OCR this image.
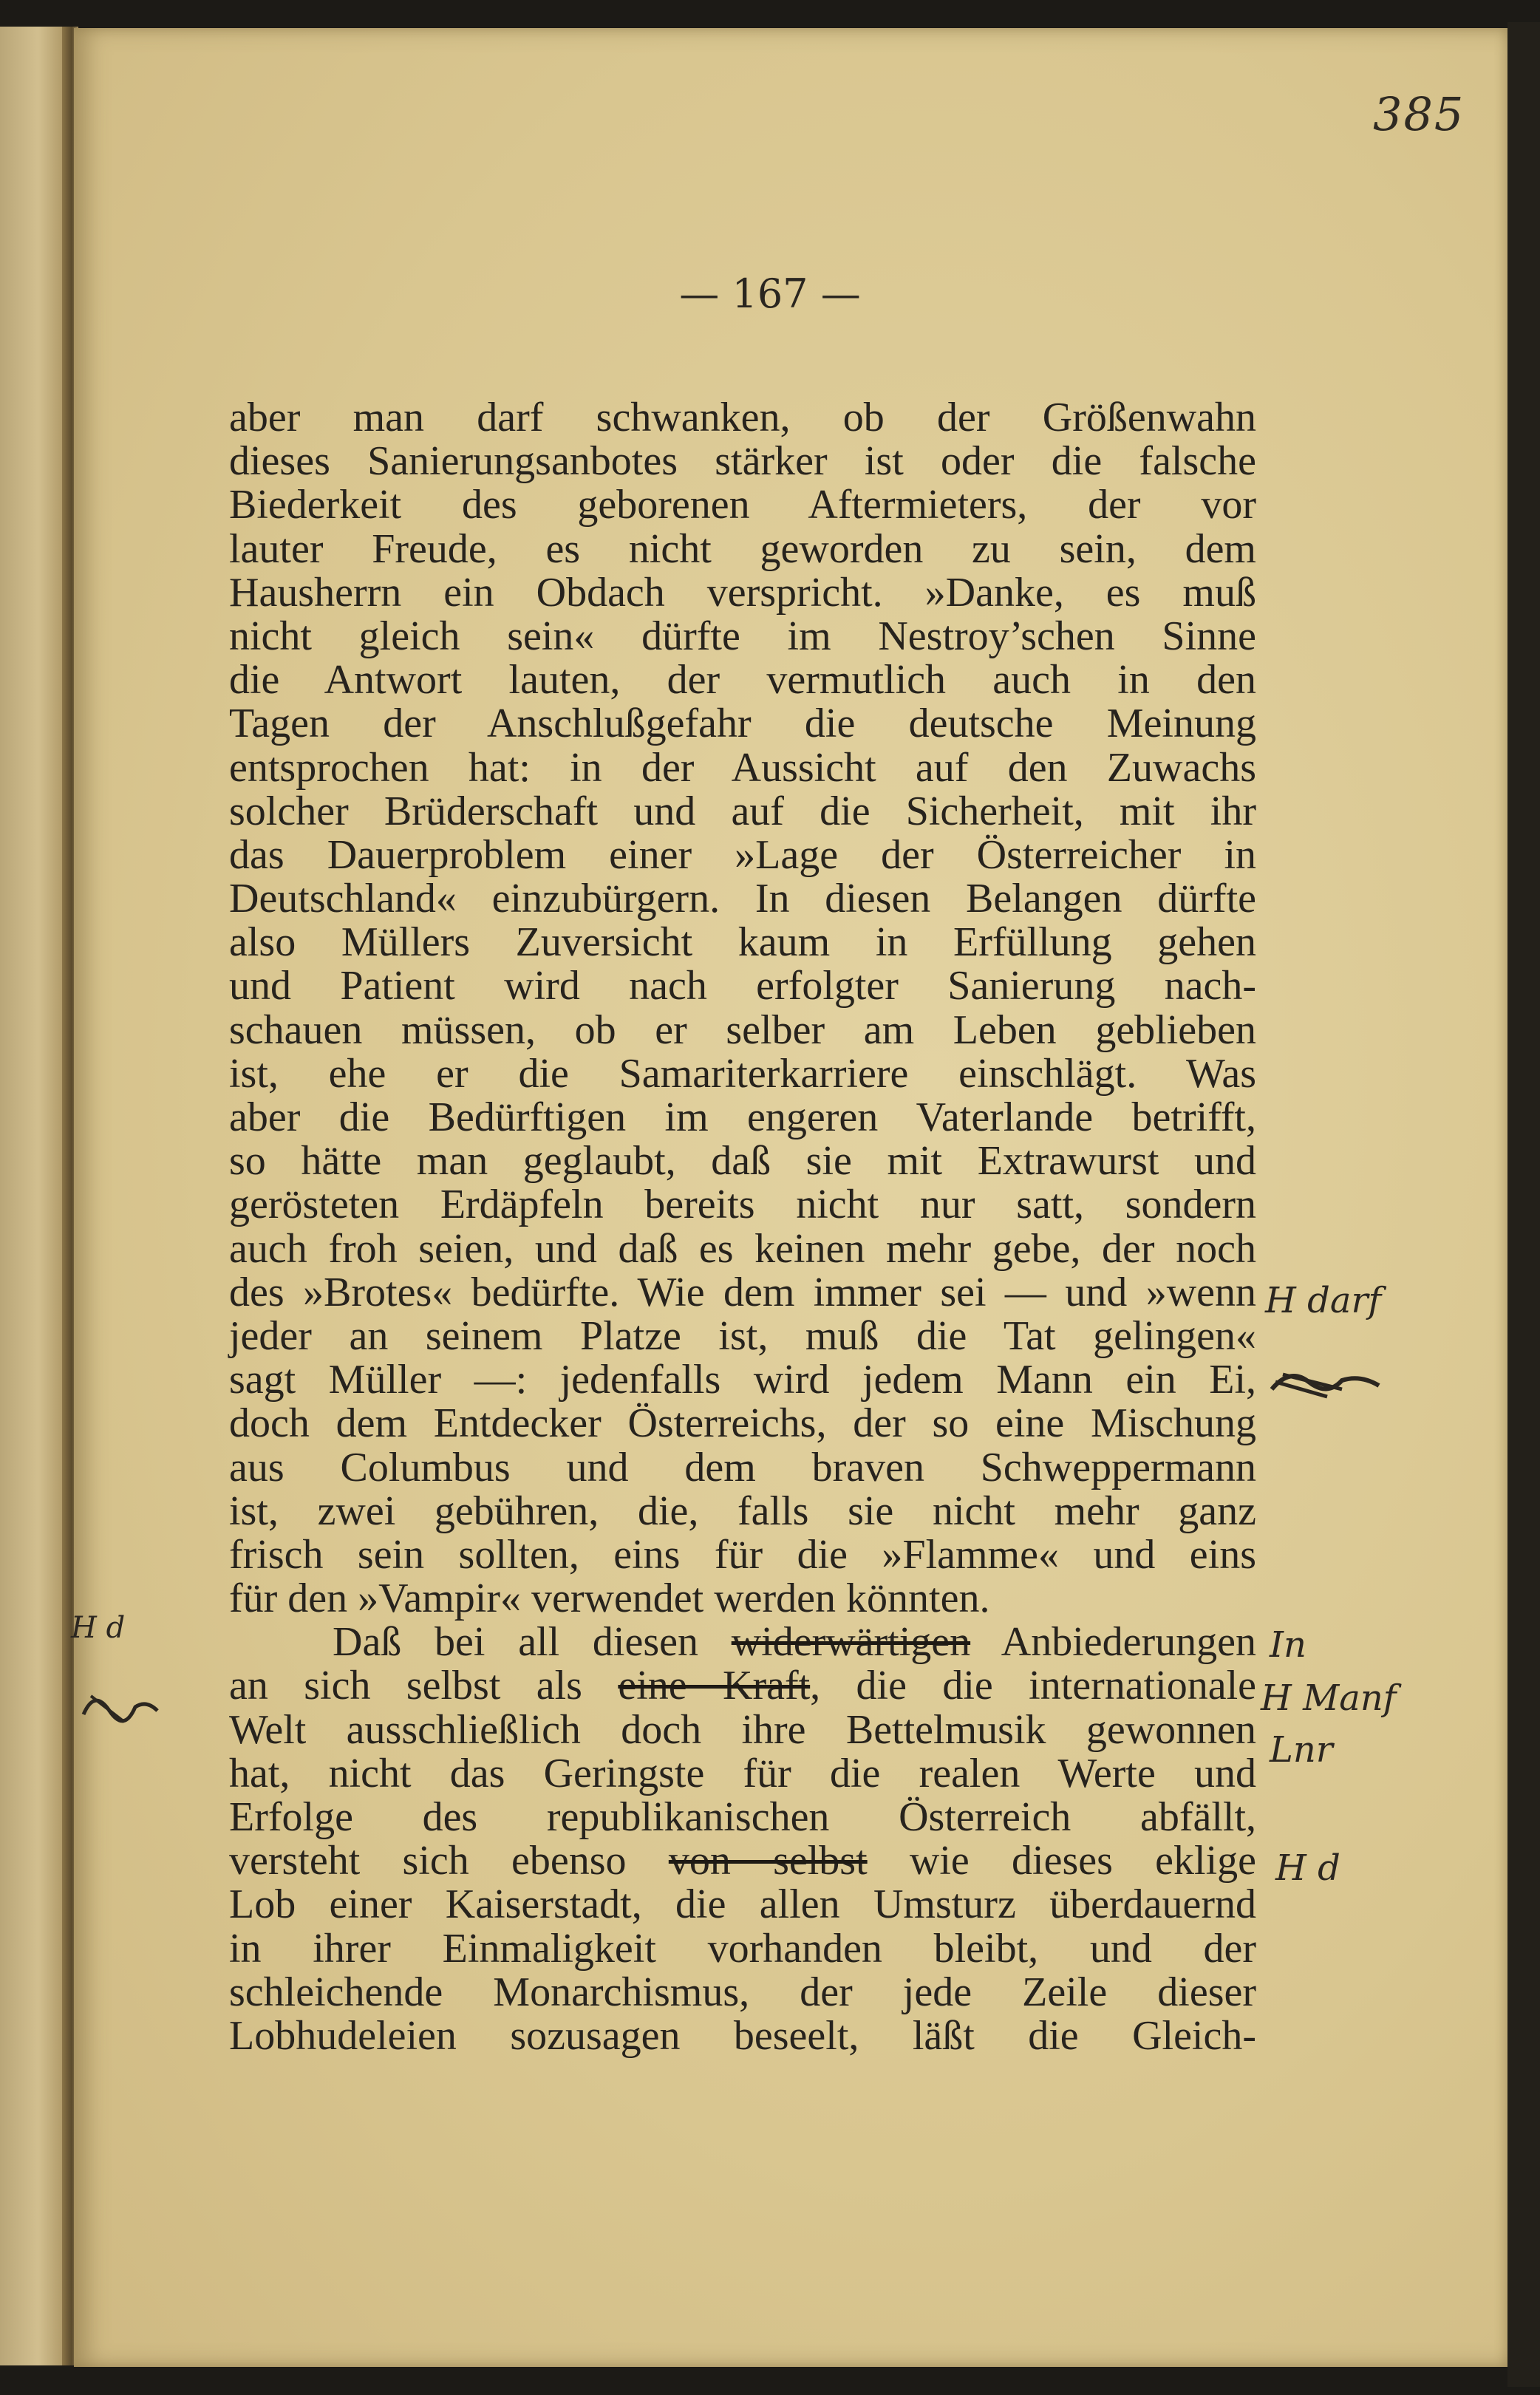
385
— 167 —
aber man darf schwanken, ob der Größenwahn
dieses Sanierungsanbotes stärker ist oder die falsche
Biederkeit des geborenen Aftermieters, der vor
lauter Freude, es nicht geworden zu sein, dem
Hausherrn ein Obdach verspricht. »Danke, es muß
nicht gleich sein« dürfte im Nestroy’schen Sinne
die Antwort lauten, der vermutlich auch in den
Tagen der Anschlußgefahr die deutsche Meinung
entsprochen hat: in der Aussicht auf den Zuwachs
solcher Brüderschaft und auf die Sicherheit, mit ihr
das Dauerproblem einer »Lage der Österreicher in
Deutschland« einzubürgern. In diesen Belangen dürfte
also Müllers Zuversicht kaum in Erfüllung gehen
und Patient wird nach erfolgter Sanierung nach-
schauen müssen, ob er selber am Leben geblieben
ist, ehe er die Samariterkarriere einschlägt. Was
aber die Bedürftigen im engeren Vaterlande betrifft,
so hätte man geglaubt, daß sie mit Extrawurst und
gerösteten Erdäpfeln bereits nicht nur satt, sondern
auch froh seien, und daß es keinen mehr gebe, der noch
des »Brotes« bedürfte. Wie dem immer sei — und »wenn
jeder an seinem Platze ist, muß die Tat gelingen«
sagt Müller —: jedenfalls wird jedem Mann ein Ei,
doch dem Entdecker Österreichs, der so eine Mischung
aus Columbus und dem braven Schweppermann
ist, zwei gebühren, die, falls sie nicht mehr ganz
frisch sein sollten, eins für die »Flamme« und eins
für den »Vampir« verwendet werden könnten.
Daß bei all diesen widerwärtigen Anbiederungen
an sich selbst als eine Kraft, die die internationale
Welt ausschließlich doch ihre Bettelmusik gewonnen
hat, nicht das Geringste für die realen Werte und
Erfolge des republikanischen Österreich abfällt,
versteht sich ebenso von selbst wie dieses eklige
Lob einer Kaiserstadt, die allen Umsturz überdauernd
in ihrer Einmaligkeit vorhanden bleibt, und der
schleichende Monarchismus, der jede Zeile dieser
Lobhudeleien sozusagen beseelt, läßt die Gleich-
H darf
In
H Manf
Lnr
H d
H d
